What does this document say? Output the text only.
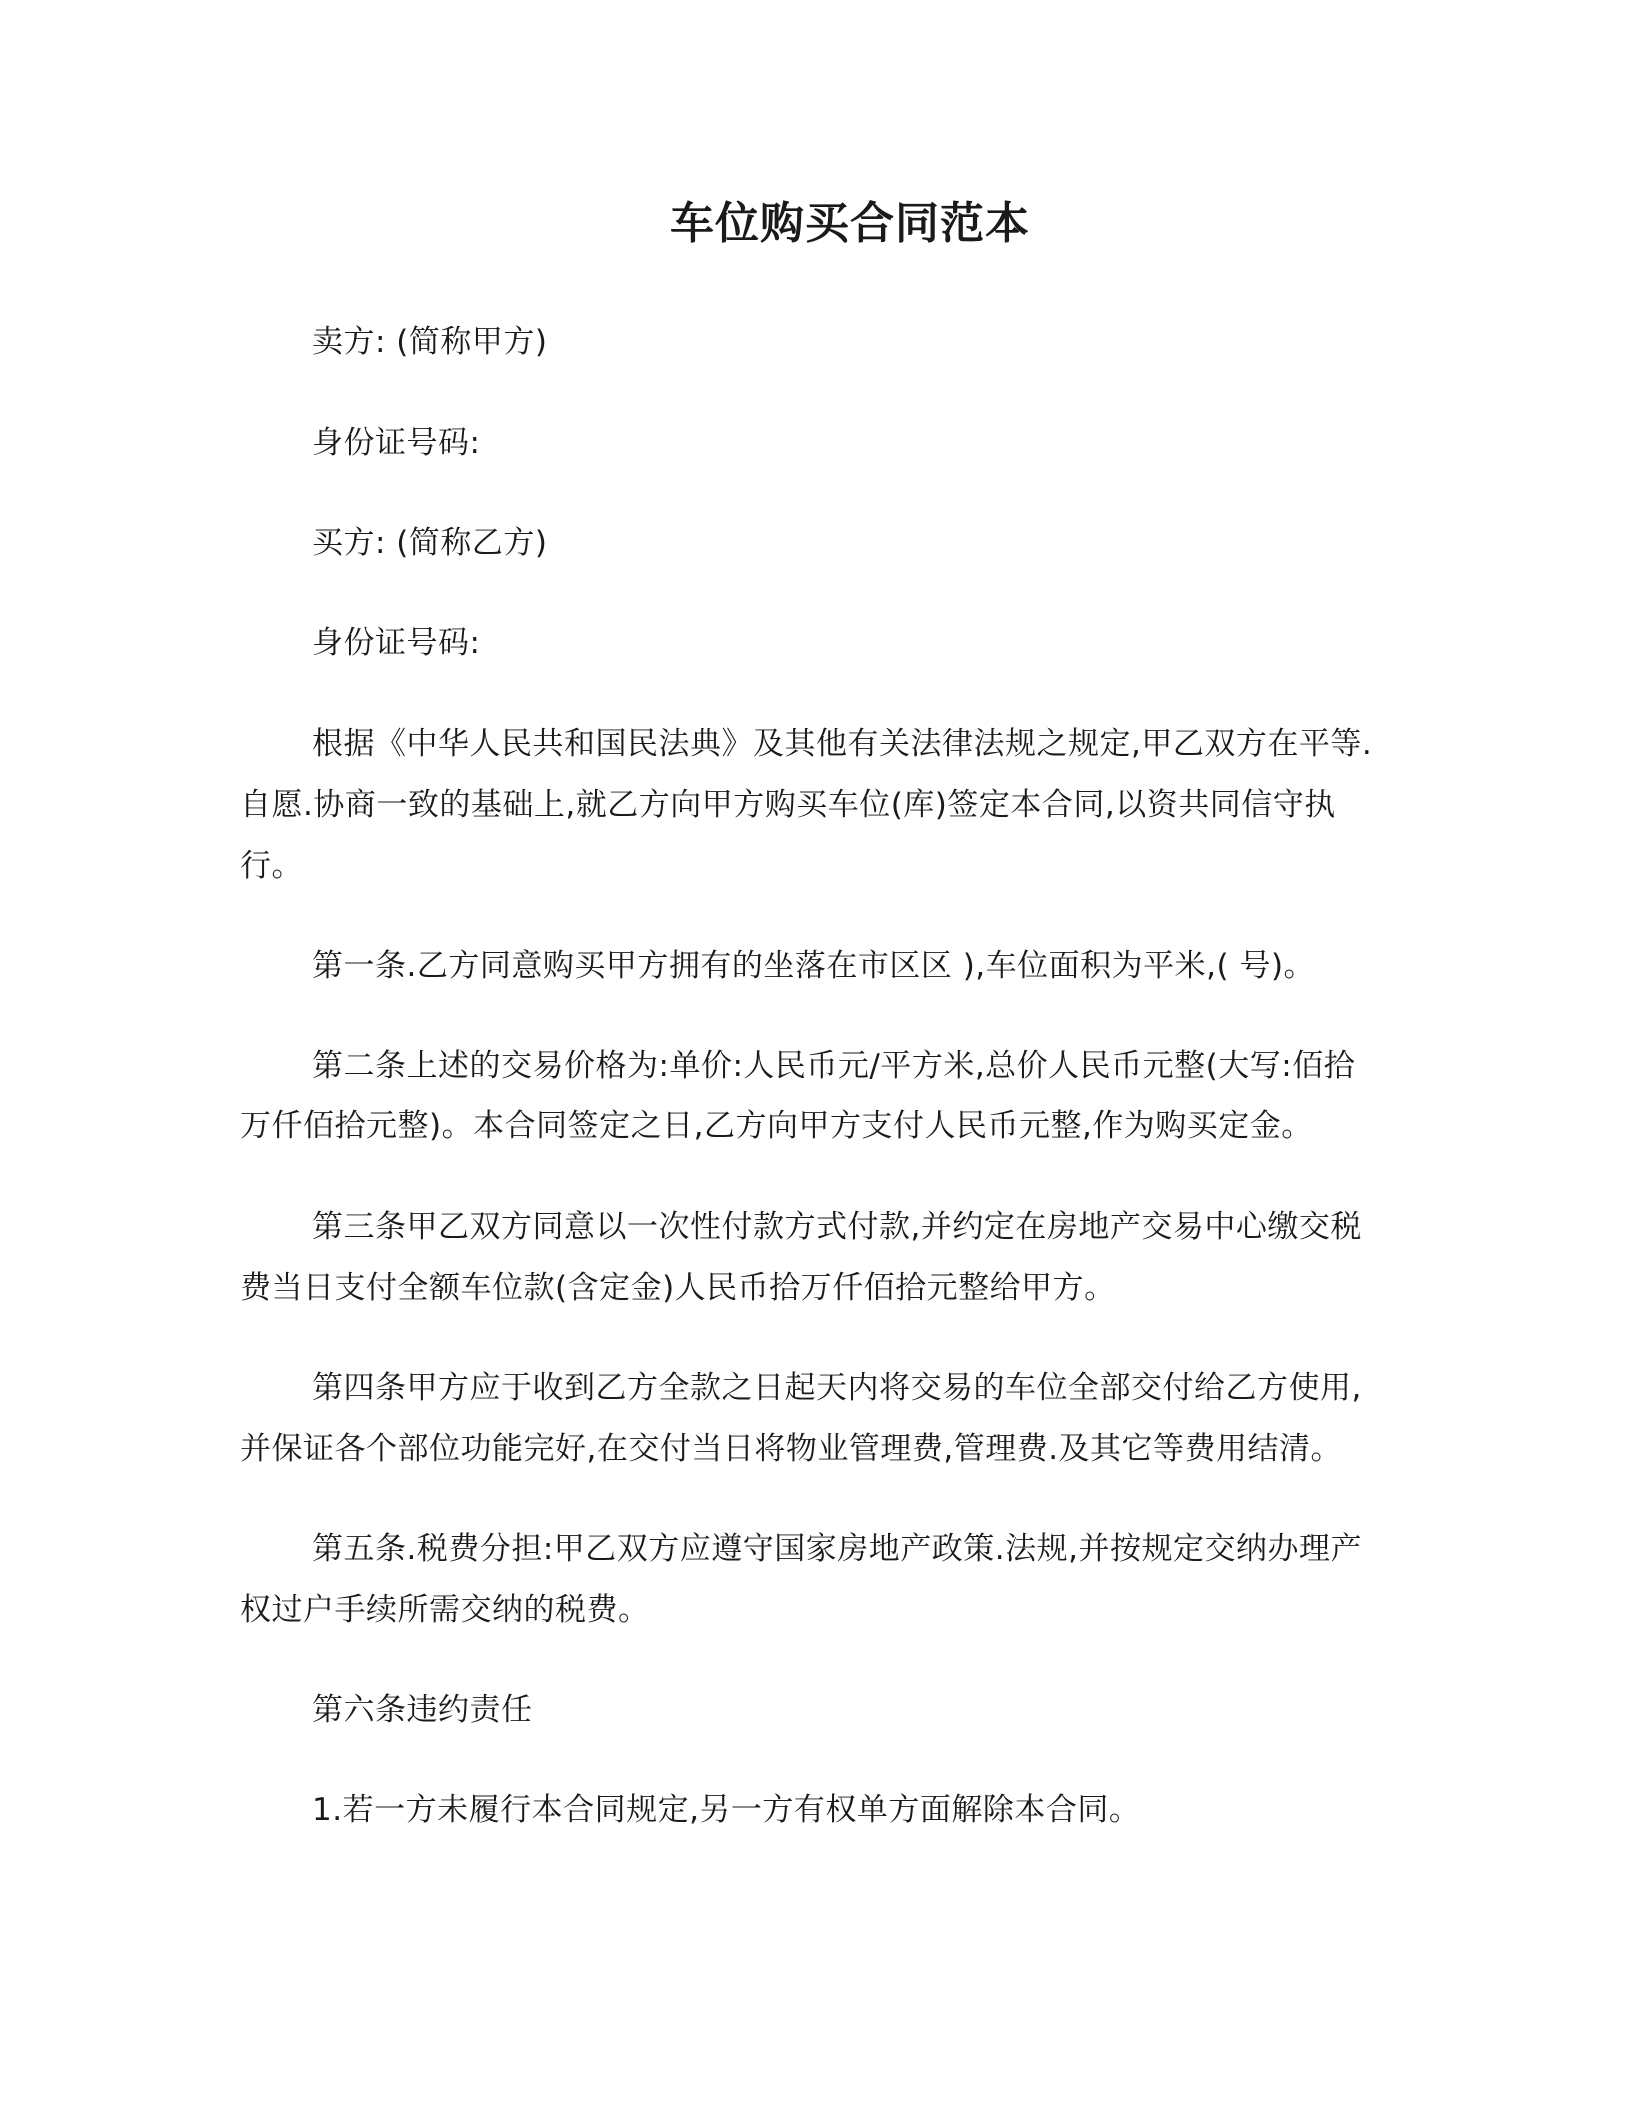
车位购买合同范本

卖方: (简称甲方)

身份证号码:

买方: (简称乙方)

身份证号码:

根据《中华人民共和国民法典》及其他有关法律法规之规定,甲乙双方在平等.

自愿.协商一致的基础上,就乙方向甲方购买车位(库)签定本合同,以资共同信守执

行。

第一条.乙方同意购买甲方拥有的坐落在市区区 ),车位面积为平米,( 号)。

第二条上述的交易价格为:单价:人民币元/平方米,总价人民币元整(大写:佰拾

万仟佰拾元整)。本合同签定之日,乙方向甲方支付人民币元整,作为购买定金。

第三条甲乙双方同意以一次性付款方式付款,并约定在房地产交易中心缴交税

费当日支付全额车位款(含定金)人民币拾万仟佰拾元整给甲方。

第四条甲方应于收到乙方全款之日起天内将交易的车位全部交付给乙方使用,

并保证各个部位功能完好,在交付当日将物业管理费,管理费.及其它等费用结清。

第五条.税费分担:甲乙双方应遵守国家房地产政策.法规,并按规定交纳办理产

权过户手续所需交纳的税费。

第六条违约责任

1.若一方未履行本合同规定,另一方有权单方面解除本合同。
